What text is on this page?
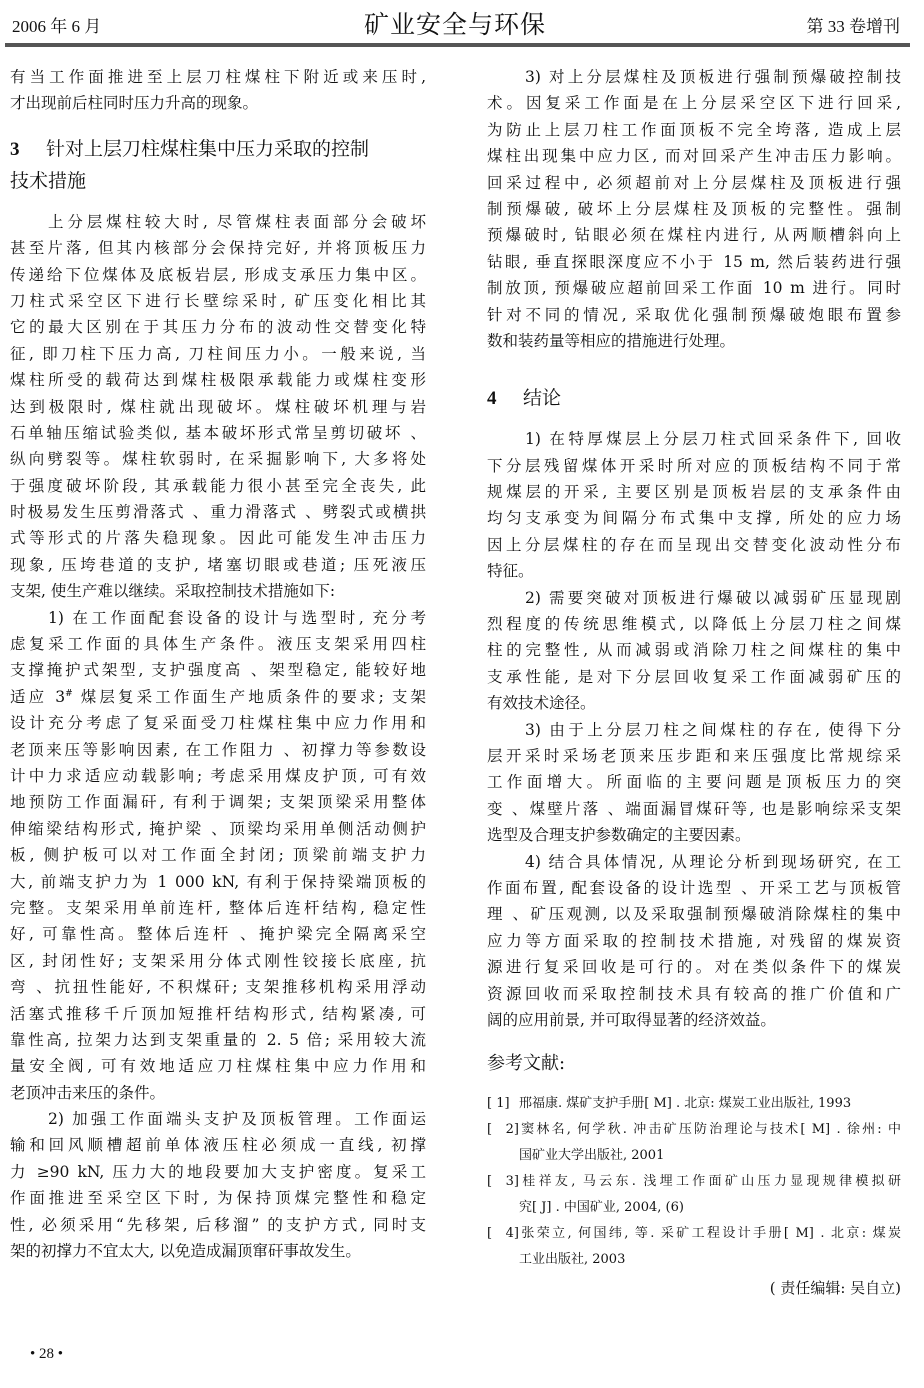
2006 年 6 月	矿业安全与环保	第 33 卷增刊
有当工作面推进至上层刀柱煤柱下附近或来压时,
才出现前后柱同时压力升高的现象。
3 针对上层刀柱煤柱集中压力采取的控制
技术措施
上分层煤柱较大时, 尽管煤柱表面部分会破坏
甚至片落, 但其内核部分会保持完好, 并将顶板压力
传递给下位煤体及底板岩层, 形成支承压力集中区。
刀柱式采空区下进行长壁综采时, 矿压变化相比其
它的最大区别在于其压力分布的波动性交替变化特
征, 即刀柱下压力高, 刀柱间压力小。一般来说, 当
煤柱所受的载荷达到煤柱极限承载能力或煤柱变形
达到极限时, 煤柱就出现破坏。煤柱破坏机理与岩
石单轴压缩试验类似, 基本破坏形式常呈剪切破坏 、
纵向劈裂等。煤柱软弱时, 在采掘影响下, 大多将处
于强度破坏阶段, 其承载能力很小甚至完全丧失, 此
时极易发生压剪滑落式 、重力滑落式 、劈裂式或横拱
式等形式的片落失稳现象。因此可能发生冲击压力
现象, 压垮巷道的支护, 堵塞切眼或巷道; 压死液压
支架, 使生产难以继续。采取控制技术措施如下:
1) 在工作面配套设备的设计与选型时, 充分考
虑复采工作面的具体生产条件。液压支架采用四柱
支撑掩护式架型, 支护强度高 、架型稳定, 能较好地
适应 3# 煤层复采工作面生产地质条件的要求; 支架
设计充分考虑了复采面受刀柱煤柱集中应力作用和
老顶来压等影响因素, 在工作阻力 、初撑力等参数设
计中力求适应动载影响; 考虑采用煤皮护顶, 可有效
地预防工作面漏矸, 有利于调架; 支架顶梁采用整体
伸缩梁结构形式, 掩护梁 、顶梁均采用单侧活动侧护
板, 侧护板可以对工作面全封闭; 顶梁前端支护力
大, 前端支护力为 1 000 kN, 有利于保持梁端顶板的
完整。支架采用单前连杆, 整体后连杆结构, 稳定性
好, 可靠性高。整体后连杆 、掩护梁完全隔离采空
区, 封闭性好; 支架采用分体式刚性铰接长底座, 抗
弯 、抗扭性能好, 不积煤矸; 支架推移机构采用浮动
活塞式推移千斤顶加短推杆结构形式, 结构紧凑, 可
靠性高, 拉架力达到支架重量的 2. 5 倍; 采用较大流
量安全阀, 可有效地适应刀柱煤柱集中应力作用和
老顶冲击来压的条件。
2) 加强工作面端头支护及顶板管理。工作面运
输和回风顺槽超前单体液压柱必须成一直线, 初撑
力 ≥90 kN, 压力大的地段要加大支护密度。复采工
作面推进至采空区下时, 为保持顶煤完整性和稳定
性, 必须采用“先移架, 后移溜” 的支护方式, 同时支
架的初撑力不宜太大, 以免造成漏顶窜矸事故发生。
• 28 •
3) 对上分层煤柱及顶板进行强制预爆破控制技
术。因复采工作面是在上分层采空区下进行回采,
为防止上层刀柱工作面顶板不完全垮落, 造成上层
煤柱出现集中应力区, 而对回采产生冲击压力影响。
回采过程中, 必须超前对上分层煤柱及顶板进行强
制预爆破, 破坏上分层煤柱及顶板的完整性。强制
预爆破时, 钻眼必须在煤柱内进行, 从两顺槽斜向上
钻眼, 垂直探眼深度应不小于 15 m, 然后装药进行强
制放顶, 预爆破应超前回采工作面 10 m 进行。同时
针对不同的情况, 采取优化强制预爆破炮眼布置参
数和装药量等相应的措施进行处理。
4 结论
1) 在特厚煤层上分层刀柱式回采条件下, 回收
下分层残留煤体开采时所对应的顶板结构不同于常
规煤层的开采, 主要区别是顶板岩层的支承条件由
均匀支承变为间隔分布式集中支撑, 所处的应力场
因上分层煤柱的存在而呈现出交替变化波动性分布
特征。
2) 需要突破对顶板进行爆破以减弱矿压显现剧
烈程度的传统思维模式, 以降低上分层刀柱之间煤
柱的完整性, 从而减弱或消除刀柱之间煤柱的集中
支承性能, 是对下分层回收复采工作面减弱矿压的
有效技术途径。
3) 由于上分层刀柱之间煤柱的存在, 使得下分
层开采时采场老顶来压步距和来压强度比常规综采
工作面增大。所面临的主要问题是顶板压力的突
变 、煤壁片落 、端面漏冒煤矸等, 也是影响综采支架
选型及合理支护参数确定的主要因素。
4) 结合具体情况, 从理论分析到现场研究, 在工
作面布置, 配套设备的设计选型 、开采工艺与顶板管
理 、矿压观测, 以及采取强制预爆破消除煤柱的集中
应力等方面采取的控制技术措施, 对残留的煤炭资
源进行复采回收是可行的。对在类似条件下的煤炭
资源回收而采取控制技术具有较高的推广价值和广
阔的应用前景, 并可取得显著的经济效益。
参考文献:
[ 1] 邢福康. 煤矿支护手册[ M] . 北京: 煤炭工业出版社, 1993
[ 2]窦林名, 何学秋. 冲击矿压防治理论与技术[ M] . 徐州: 中
国矿业大学出版社, 2001
[ 3]桂祥友, 马云东. 浅埋工作面矿山压力显现规律模拟研
究[ J] . 中国矿业, 2004, (6)
[ 4]张荣立, 何国纬, 等. 采矿工程设计手册[ M] . 北京: 煤炭
工业出版社, 2003
( 责任编辑: 吴自立)
